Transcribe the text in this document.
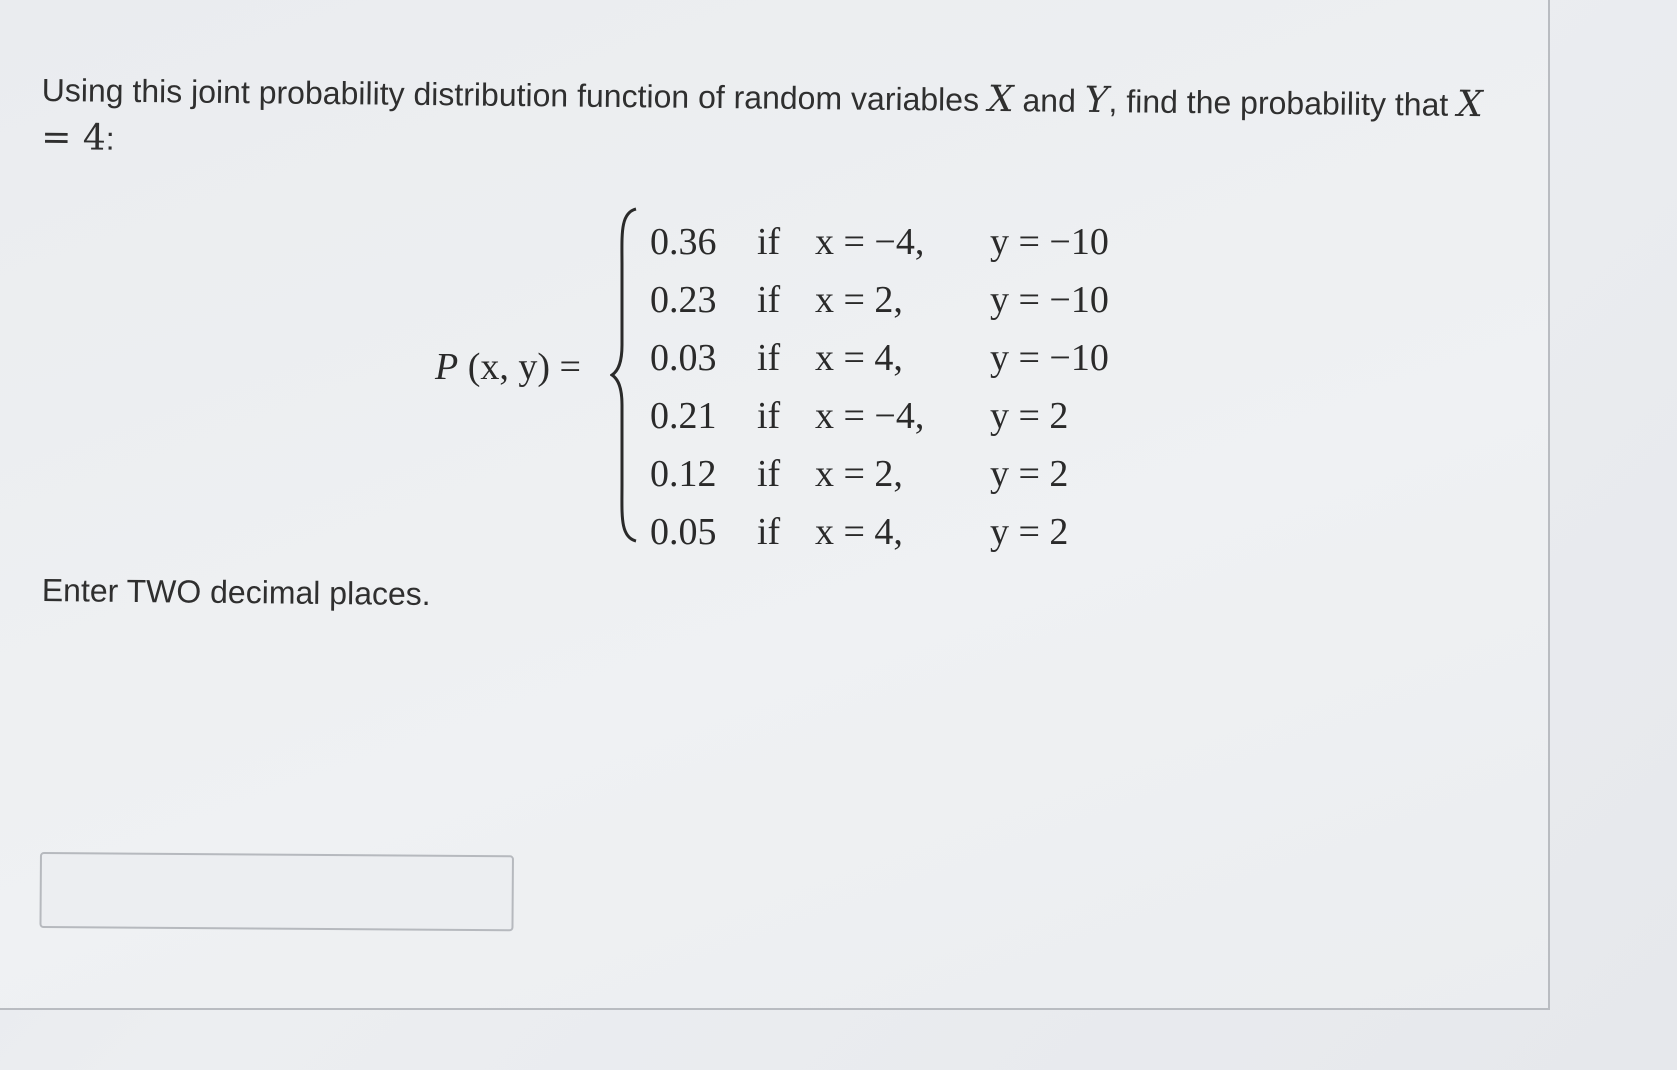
Using this joint probability distribution function of random variables X and Y, find the probability that X = 4:
P (x, y) =
0.36 if x = −4, y = −10
0.23 if x = 2, y = −10
0.03 if x = 4, y = −10
0.21 if x = −4, y = 2
0.12 if x = 2, y = 2
0.05 if x = 4, y = 2
Enter TWO decimal places.
